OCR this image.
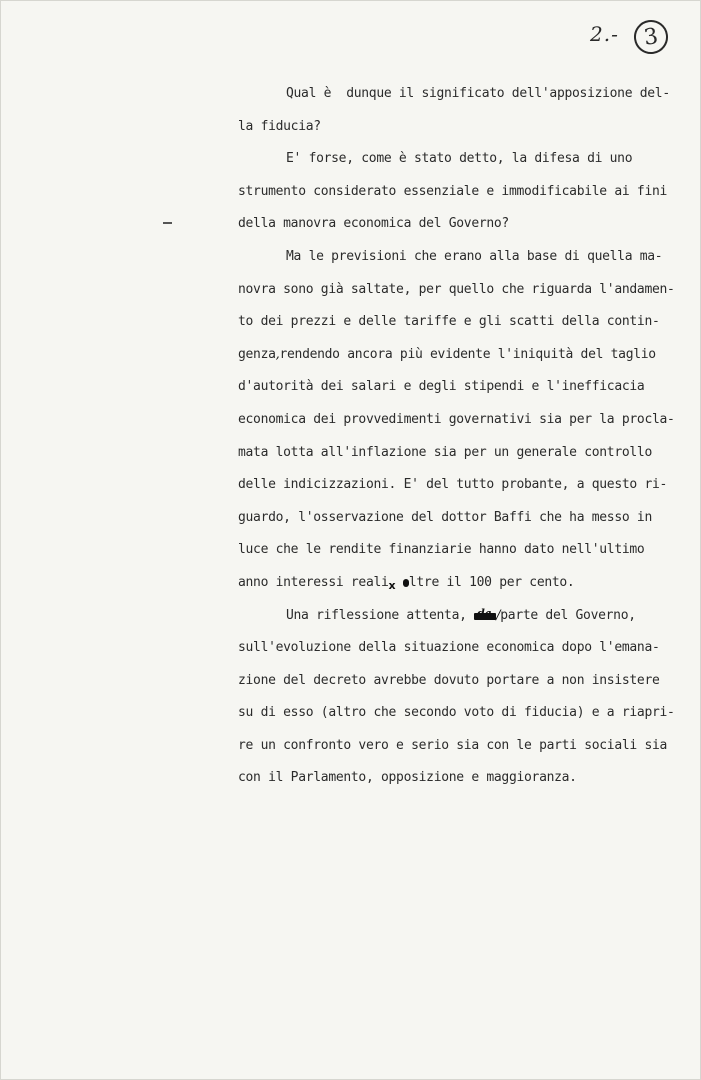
2.-	3
Qual è  dunque il significato dell'apposizione del-
la fiducia?
E' forse, come è stato detto, la difesa di uno
strumento considerato essenziale e immodificabile ai fini
della manovra economica del Governo?
Ma le previsioni che erano alla base di quella ma-
novra sono già saltate, per quello che riguarda l'andamen-
to dei prezzi e delle tariffe e gli scatti della contin-
genza,rendendo ancora più evidente l'iniquità del taglio
d'autorità dei salari e degli stipendi e l'inefficacia
economica dei provvedimenti governativi sia per la procla-
mata lotta all'inflazione sia per un generale controllo
delle indicizzazioni. E' del tutto probante, a questo ri-
guardo, l'osservazione del dottor Baffi che ha messo in
luce che le rendite finanziarie hanno dato nell'ultimo
anno interessi realix ltre il 100 per cento.
Una riflessione attenta, da /parte del Governo,
sull'evoluzione della situazione economica dopo l'emana-
zione del decreto avrebbe dovuto portare a non insistere
su di esso (altro che secondo voto di fiducia) e a riapri-
re un confronto vero e serio sia con le parti sociali sia
con il Parlamento, opposizione e maggioranza.
